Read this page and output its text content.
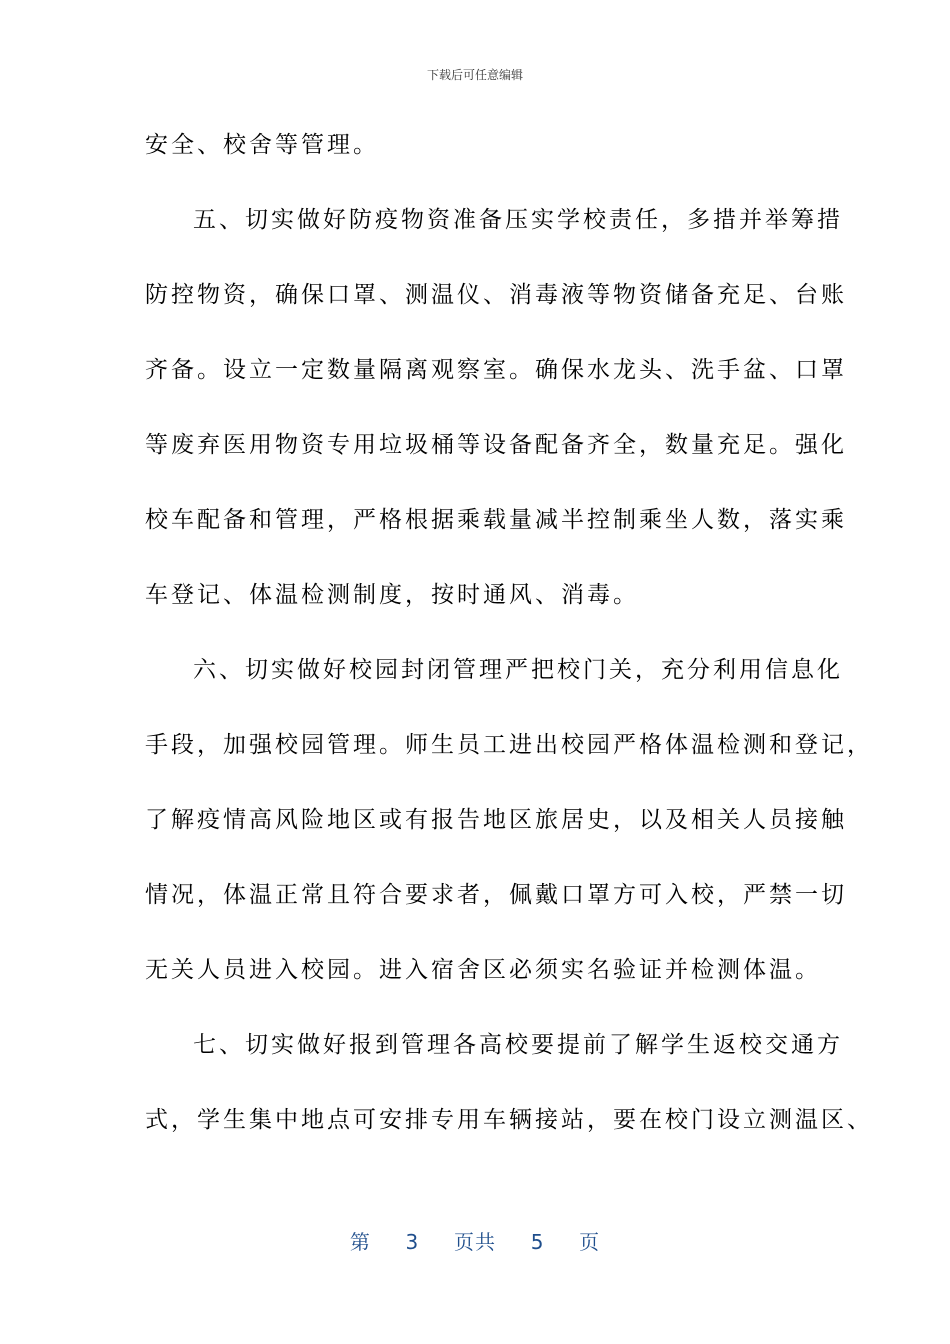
下载后可任意编辑
安全、校舍等管理。
五、切实做好防疫物资准备压实学校责任，多措并举筹措
防控物资，确保口罩、测温仪、消毒液等物资储备充足、台账
齐备。设立一定数量隔离观察室。确保水龙头、洗手盆、口罩
等废弃医用物资专用垃圾桶等设备配备齐全，数量充足。强化
校车配备和管理，严格根据乘载量减半控制乘坐人数，落实乘
车登记、体温检测制度，按时通风、消毒。
六、切实做好校园封闭管理严把校门关，充分利用信息化
手段，加强校园管理。师生员工进出校园严格体温检测和登记，
了解疫情高风险地区或有报告地区旅居史，以及相关人员接触
情况，体温正常且符合要求者，佩戴口罩方可入校，严禁一切
无关人员进入校园。进入宿舍区必须实名验证并检测体温。
七、切实做好报到管理各高校要提前了解学生返校交通方
式，学生集中地点可安排专用车辆接站，要在校门设立测温区、
第 3 页共 5 页
